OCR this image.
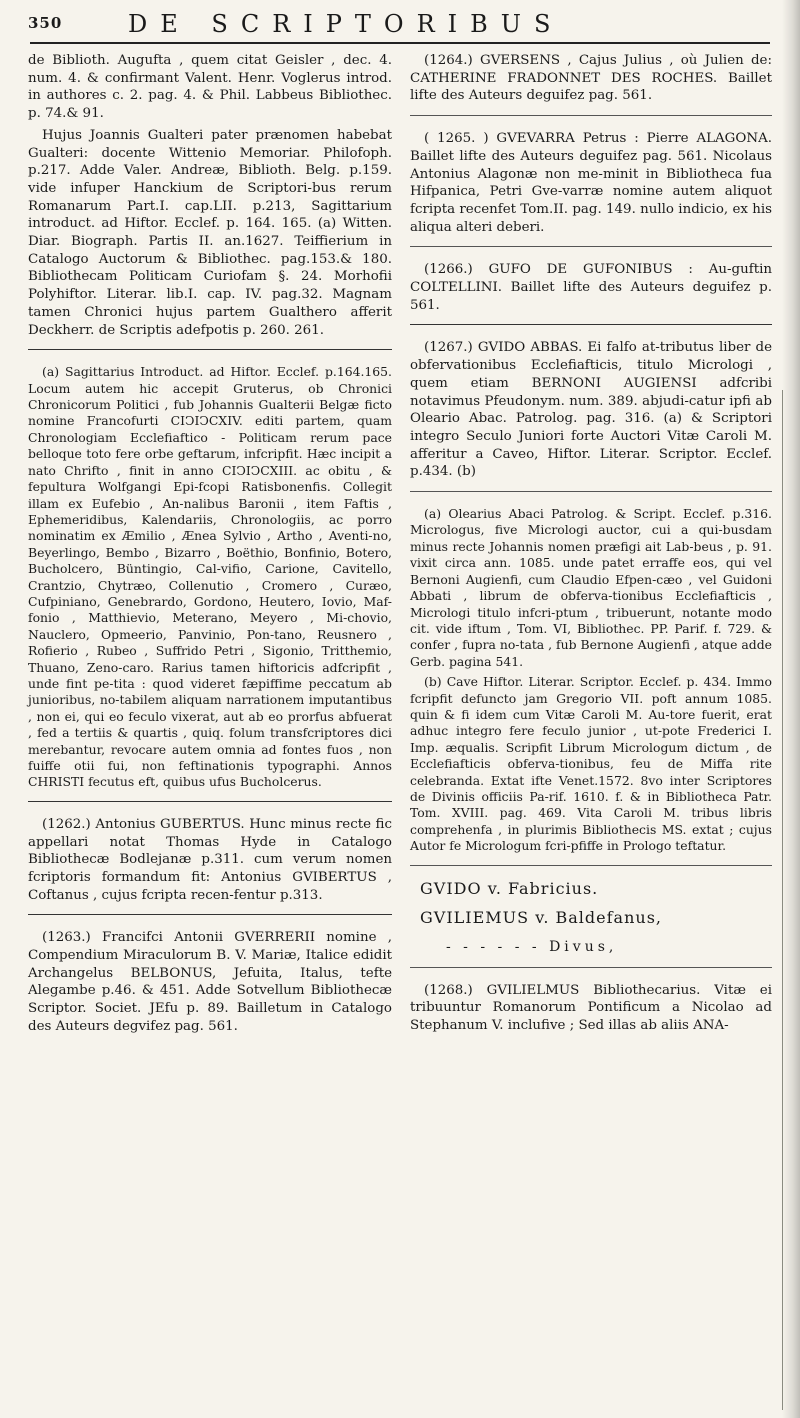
350	DE SCRIPTORIBUS

de Biblioth. Augufta , quem citat Geisler , dec. 4. num. 4. & confirmant Valent. Henr. Voglerus introd. in authores c. 2. pag. 4. & Phil. Labbeus Bibliothec. p. 74.& 91.

Hujus Joannis Gualteri pater prænomen habebat Gualteri: docente Wittenio Memoriar. Philofoph. p.217. Adde Valer. Andreæ, Biblioth. Belg. p.159. vide infuper Hanckium de Scriptori-bus rerum Romanarum Part.I. cap.LII. p.213, Sagittarium introduct. ad Hiftor. Ecclef. p. 164. 165. (a) Witten. Diar. Biograph. Partis II. an.1627. Teiffierium in Catalogo Auctorum & Bibliothec. pag.153.& 180. Bibliothecam Politicam Curiofam §. 24. Morhofii Polyhiftor. Literar. lib.I. cap. IV. pag.32. Magnam tamen Chronici hujus partem Gualthero afferit Deckherr. de Scriptis adefpotis p. 260. 261.

(a) Sagittarius Introduct. ad Hiftor. Ecclef. p.164.165. Locum autem hic accepit Gruterus, ob Chronici Chronicorum Politici , fub Johannis Gualterii Belgæ ficto nomine Francofurti CIↃIↃCXIV. editi partem, quam Chronologiam Ecclefiaftico - Politicam rerum pace belloque toto fere orbe geftarum, infcripfit. Hæc incipit a nato Chrifto , finit in anno CIↃIↃCXIII. ac obitu , & fepultura Wolfgangi Epi-fcopi Ratisbonenfis. Collegit illam ex Eufebio , An-nalibus Baronii , item Faftis , Ephemeridibus, Kalendariis, Chronologiis, ac porro nominatim ex Æmilio , Ænea Sylvio , Artho , Aventi-no, Beyerlingo, Bembo , Bizarro , Boëthio, Bonfinio, Botero, Bucholcero, Büntingio, Cal-vifio, Carione, Cavitello, Crantzio, Chytræo, Collenutio , Cromero , Curæo, Cufpiniano, Genebrardo, Gordono, Heutero, Iovio, Maf-fonio , Matthievio, Meterano, Meyero , Mi-chovio, Nauclero, Opmeerio, Panvinio, Pon-tano, Reusnero , Rofierio , Rubeo , Suffrido Petri , Sigonio, Tritthemio, Thuano, Zeno-caro. Rarius tamen hiftoricis adfcripfit , unde fint pe-tita : quod videret fæpiffime peccatum ab junioribus, no-tabilem aliquam narrationem imputantibus , non ei, qui eo feculo vixerat, aut ab eo prorfus abfuerat , fed a tertiis & quartis , quiq. folum transfcriptores dici merebantur, revocare autem omnia ad fontes fuos , non fuiffe otii fui, non feftinationis typographi. Annos CHRISTI fecutus eft, quibus ufus Bucholcerus.

(1262.) Antonius GUBERTUS. Hunc minus recte fic appellari notat Thomas Hyde in Catalogo Bibliothecæ Bodlejanæ p.311. cum verum nomen fcriptoris formandum fit: Antonius GVIBERTUS , Coftanus , cujus fcripta recen-fentur p.313.

(1263.) Francifci Antonii GVERRERII nomine , Compendium Miraculorum B. V. Mariæ, Italice edidit Archangelus BELBONUS, Jefuita, Italus, tefte Alegambe p.46. & 451. Adde Sotvellum Bibliothecæ Scriptor. Societ. JEfu p. 89. Bailletum in Catalogo des Auteurs degvifez pag. 561.

(1264.) GVERSENS , Cajus Julius , où Julien de: CATHERINE FRADONNET DES ROCHES. Baillet lifte des Auteurs deguifez pag. 561.

( 1265. ) GVEVARRA Petrus : Pierre ALAGONA. Baillet lifte des Auteurs deguifez pag. 561. Nicolaus Antonius Alagonæ non me-minit in Bibliotheca fua Hifpanica, Petri Gve-varræ nomine autem aliquot fcripta recenfet Tom.II. pag. 149. nullo indicio, ex his aliqua alteri deberi.

(1266.) GUFO DE GUFONIBUS : Au-guftin COLTELLINI. Baillet lifte des Auteurs deguifez p. 561.

(1267.) GVIDO ABBAS. Ei falfo at-tributus liber de obfervationibus Ecclefiafticis, titulo Micrologi , quem etiam BERNONI AUGIENSI adfcribi notavimus Pfeudonym. num. 389. abjudi-catur ipfi ab Oleario Abac. Patrolog. pag. 316. (a) & Scriptori integro Seculo Juniori forte Auctori Vitæ Caroli M. afferitur a Caveo, Hiftor. Literar. Scriptor. Ecclef. p.434. (b)

(a) Olearius Abaci Patrolog. & Script. Ecclef. p.316. Micrologus, five Micrologi auctor, cui a qui-busdam minus recte Johannis nomen præfigi ait Lab-beus , p. 91. vixit circa ann. 1085. unde patet erraffe eos, qui vel Bernoni Augienfi, cum Claudio Efpen-cæo , vel Guidoni Abbati , librum de obferva-tionibus Ecclefiafticis , Micrologi titulo infcri-ptum , tribuerunt, notante modo cit. vide iftum , Tom. VI, Bibliothec. PP. Parif. f. 729. & confer , fupra no-tata , fub Bernone Augienfi , atque adde Gerb. pagina 541.

(b) Cave Hiftor. Literar. Scriptor. Ecclef. p. 434. Immo fcripfit defuncto jam Gregorio VII. poft annum 1085. quin & fi idem cum Vitæ Caroli M. Au-tore fuerit, erat adhuc integro fere feculo junior , ut-pote Frederici I. Imp. æqualis. Scripfit Librum Micrologum dictum , de Ecclefiafticis obferva-tionibus, feu de Miffa rite celebranda. Extat ifte Venet.1572. 8vo inter Scriptores de Divinis officiis Pa-rif. 1610. f. & in Bibliotheca Patr. Tom. XVIII. pag. 469. Vita Caroli M. tribus libris comprehenfa , in plurimis Bibliothecis MS. extat ; cujus Autor fe Micrologum fcri-pfiffe in Prologo teftatur.

GVIDO v. Fabricius.
GVILIEMUS v. Baldefanus,
- - - - - - Divus,

(1268.) GVILIELMUS Bibliothecarius. Vitæ ei tribuuntur Romanorum Pontificum a Nicolao ad Stephanum V. inclufive ; Sed illas ab aliis ANA-
